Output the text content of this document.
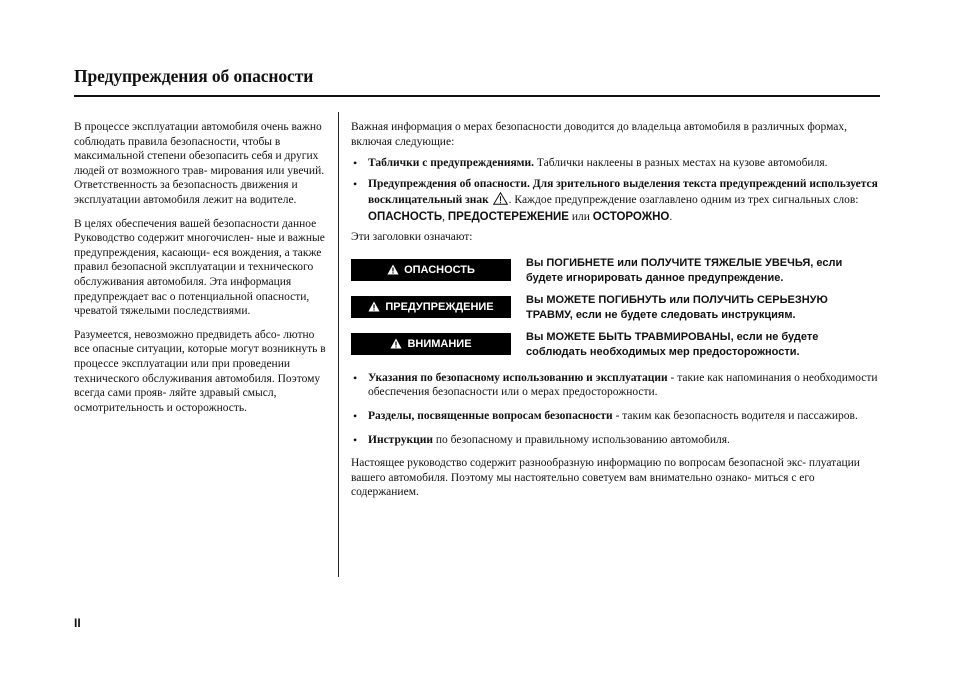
Предупреждения об опасности

В процессе эксплуатации автомобиля очень важно соблюдать правила безопасности, чтобы в максимальной степени обезопасить себя и других людей от возможного трав- мирования или увечий. Ответственность за безопасность движения и эксплуатации автомобиля лежит на водителе.

В целях обеспечения вашей безопасности данное Руководство содержит многочислен- ные и важные предупреждения, касающи- еся вождения, а также правил безопасной эксплуатации и технического обслуживания автомобиля. Эта информация предупреждает вас о потенциальной опасности, чреватой тяжелыми последствиями.

Разумеется, невозможно предвидеть абсо- лютно все опасные ситуации, которые могут возникнуть в процессе эксплуатации или при проведении технического обслуживания автомобиля. Поэтому всегда сами прояв- ляйте здравый смысл, осмотрительность и осторожность.

Важная информация о мерах безопасности доводится до владельца автомобиля в различных формах, включая следующие:

• Таблички с предупреждениями. Таблички наклеены в разных местах на кузове автомобиля.
• Предупреждения об опасности. Для зрительного выделения текста предупреждений используется восклицательный знак . Каждое предупреждение озаглавлено одним из трех сигнальных слов: ОПАСНОСТЬ, ПРЕДОСТЕРЕЖЕНИЕ или ОСТОРОЖНО.

Эти заголовки означают:

ОПАСНОСТЬ
Вы ПОГИБНЕТЕ или ПОЛУЧИТЕ ТЯЖЕЛЫЕ УВЕЧЬЯ, если будете игнорировать данное предупреждение.
ПРЕДУПРЕЖДЕНИЕ
Вы МОЖЕТЕ ПОГИБНУТЬ или ПОЛУЧИТЬ СЕРЬЕЗНУЮ ТРАВМУ, если не будете следовать инструкциям.
ВНИМАНИЕ
Вы МОЖЕТЕ БЫТЬ ТРАВМИРОВАНЫ, если не будете соблюдать необходимых мер предосторожности.
• Указания по безопасному использованию и эксплуатации - такие как напоминания о необходимости обеспечения безопасности или о мерах предосторожности.
• Разделы, посвященные вопросам безопасности - таким как безопасность водителя и пассажиров.
• Инструкции по безопасному и правильному использованию автомобиля.

Настоящее руководство содержит разнообразную информацию по вопросам безопасной экс- плуатации вашего автомобиля. Поэтому мы настоятельно советуем вам внимательно ознако- миться с его содержанием.

II
